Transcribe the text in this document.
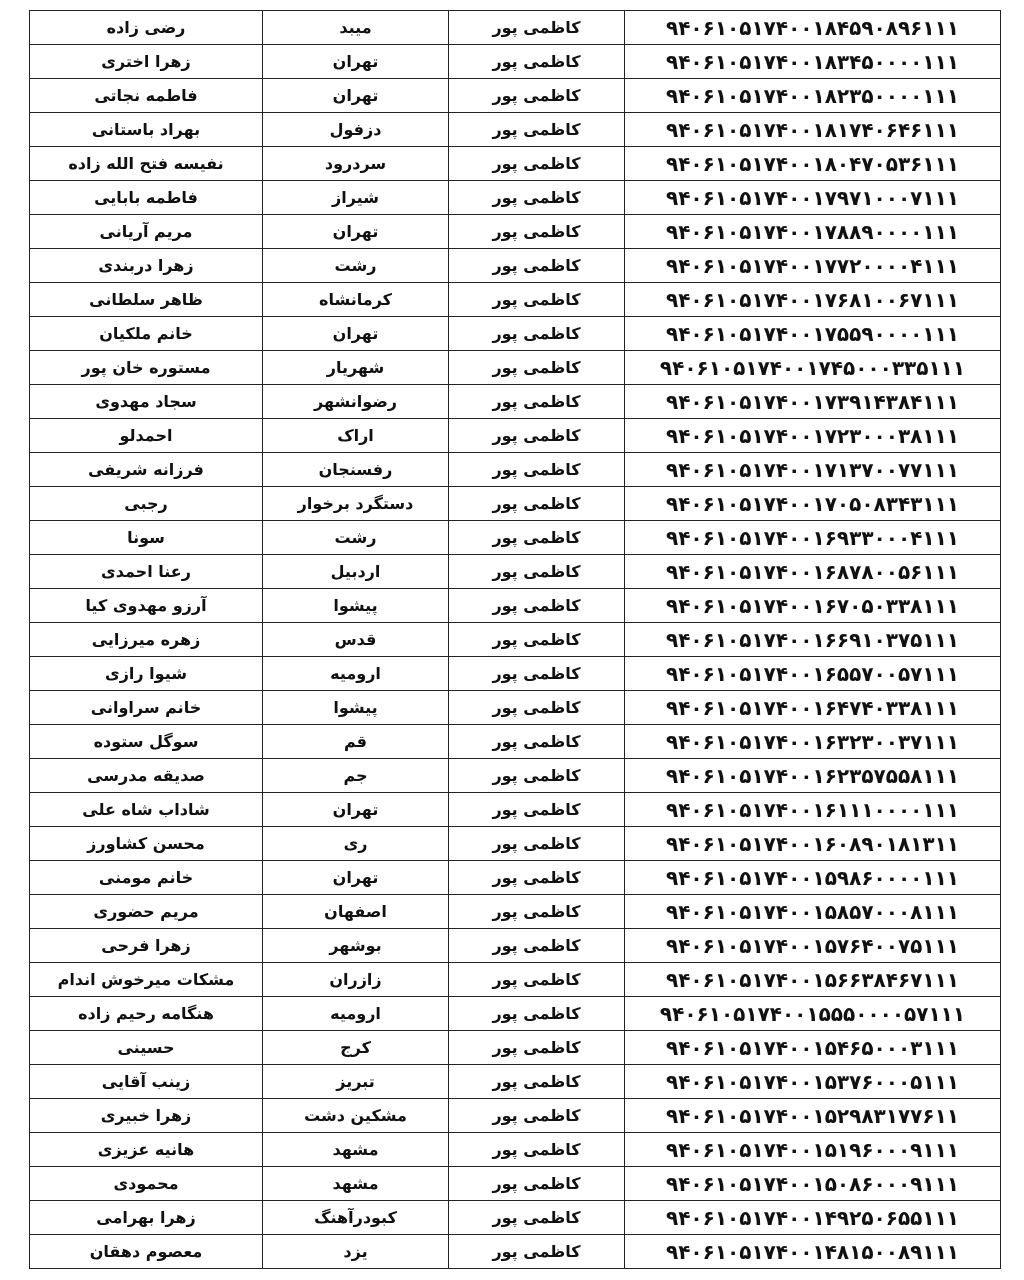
۹۴۰۶۱۰۵۱۷۴۰۰۱۸۴۵۹۰۸۹۶۱۱۱	کاظمی پور	میبد	رضی زاده
۹۴۰۶۱۰۵۱۷۴۰۰۱۸۳۴۵۰۰۰۰۱۱۱	کاظمی پور	تهران	زهرا اختری
۹۴۰۶۱۰۵۱۷۴۰۰۱۸۲۳۵۰۰۰۰۱۱۱	کاظمی پور	تهران	فاطمه نجاتی
۹۴۰۶۱۰۵۱۷۴۰۰۱۸۱۷۴۰۶۴۶۱۱۱	کاظمی پور	دزفول	بهراد باستانی
۹۴۰۶۱۰۵۱۷۴۰۰۱۸۰۴۷۰۵۳۶۱۱۱	کاظمی پور	سردرود	نفیسه فتح الله زاده
۹۴۰۶۱۰۵۱۷۴۰۰۱۷۹۷۱۰۰۰۷۱۱۱	کاظمی پور	شیراز	فاطمه بابایی
۹۴۰۶۱۰۵۱۷۴۰۰۱۷۸۸۹۰۰۰۰۱۱۱	کاظمی پور	تهران	مریم آریانی
۹۴۰۶۱۰۵۱۷۴۰۰۱۷۷۲۰۰۰۰۴۱۱۱	کاظمی پور	رشت	زهرا دربندی
۹۴۰۶۱۰۵۱۷۴۰۰۱۷۶۸۱۰۰۶۷۱۱۱	کاظمی پور	کرمانشاه	ظاهر سلطانی
۹۴۰۶۱۰۵۱۷۴۰۰۱۷۵۵۹۰۰۰۰۱۱۱	کاظمی پور	تهران	خانم ملکیان
۹۴۰۶۱۰۵۱۷۴۰۰۱۷۴۵۰۰۰۳۳۵۱۱۱	کاظمی پور	شهریار	مستوره خان پور
۹۴۰۶۱۰۵۱۷۴۰۰۱۷۳۹۱۴۳۸۴۱۱۱	کاظمی پور	رضوانشهر	سجاد مهدوی
۹۴۰۶۱۰۵۱۷۴۰۰۱۷۲۳۰۰۰۳۸۱۱۱	کاظمی پور	اراک	احمدلو
۹۴۰۶۱۰۵۱۷۴۰۰۱۷۱۳۷۰۰۷۷۱۱۱	کاظمی پور	رفسنجان	فرزانه شریفی
۹۴۰۶۱۰۵۱۷۴۰۰۱۷۰۵۰۸۳۴۳۱۱۱	کاظمی پور	دستگرد برخوار	رجبی
۹۴۰۶۱۰۵۱۷۴۰۰۱۶۹۳۳۰۰۰۴۱۱۱	کاظمی پور	رشت	سونا
۹۴۰۶۱۰۵۱۷۴۰۰۱۶۸۷۸۰۰۵۶۱۱۱	کاظمی پور	اردبیل	رعنا احمدی
۹۴۰۶۱۰۵۱۷۴۰۰۱۶۷۰۵۰۳۳۸۱۱۱	کاظمی پور	پیشوا	آرزو مهدوی کیا
۹۴۰۶۱۰۵۱۷۴۰۰۱۶۶۹۱۰۳۷۵۱۱۱	کاظمی پور	قدس	زهره میرزایی
۹۴۰۶۱۰۵۱۷۴۰۰۱۶۵۵۷۰۰۵۷۱۱۱	کاظمی پور	ارومیه	شیوا رازی
۹۴۰۶۱۰۵۱۷۴۰۰۱۶۴۷۴۰۳۳۸۱۱۱	کاظمی پور	پیشوا	خانم سراوانی
۹۴۰۶۱۰۵۱۷۴۰۰۱۶۳۲۳۰۰۳۷۱۱۱	کاظمی پور	قم	سوگل ستوده
۹۴۰۶۱۰۵۱۷۴۰۰۱۶۲۳۵۷۵۵۸۱۱۱	کاظمی پور	جم	صدیقه مدرسی
۹۴۰۶۱۰۵۱۷۴۰۰۱۶۱۱۱۰۰۰۰۱۱۱	کاظمی پور	تهران	شاداب شاه علی
۹۴۰۶۱۰۵۱۷۴۰۰۱۶۰۸۹۰۱۸۱۳۱۱	کاظمی پور	ری	محسن کشاورز
۹۴۰۶۱۰۵۱۷۴۰۰۱۵۹۸۶۰۰۰۰۱۱۱	کاظمی پور	تهران	خانم مومنی
۹۴۰۶۱۰۵۱۷۴۰۰۱۵۸۵۷۰۰۰۸۱۱۱	کاظمی پور	اصفهان	مریم حضوری
۹۴۰۶۱۰۵۱۷۴۰۰۱۵۷۶۴۰۰۷۵۱۱۱	کاظمی پور	بوشهر	زهرا فرحی
۹۴۰۶۱۰۵۱۷۴۰۰۱۵۶۶۳۸۴۶۷۱۱۱	کاظمی پور	زازران	مشکات میرخوش اندام
۹۴۰۶۱۰۵۱۷۴۰۰۱۵۵۵۰۰۰۰۵۷۱۱۱	کاظمی پور	ارومیه	هنگامه رحیم زاده
۹۴۰۶۱۰۵۱۷۴۰۰۱۵۴۶۵۰۰۰۳۱۱۱	کاظمی پور	کرج	حسینی
۹۴۰۶۱۰۵۱۷۴۰۰۱۵۳۷۶۰۰۰۵۱۱۱	کاظمی پور	تبریز	زینب آقایی
۹۴۰۶۱۰۵۱۷۴۰۰۱۵۲۹۸۳۱۷۷۶۱۱	کاظمی پور	مشکین دشت	زهرا خبیری
۹۴۰۶۱۰۵۱۷۴۰۰۱۵۱۹۶۰۰۰۹۱۱۱	کاظمی پور	مشهد	هانیه عزیزی
۹۴۰۶۱۰۵۱۷۴۰۰۱۵۰۸۶۰۰۰۹۱۱۱	کاظمی پور	مشهد	محمودی
۹۴۰۶۱۰۵۱۷۴۰۰۱۴۹۲۵۰۶۵۵۱۱۱	کاظمی پور	کبودرآهنگ	زهرا بهرامی
۹۴۰۶۱۰۵۱۷۴۰۰۱۴۸۱۵۰۰۸۹۱۱۱	کاظمی پور	یزد	معصوم دهقان
